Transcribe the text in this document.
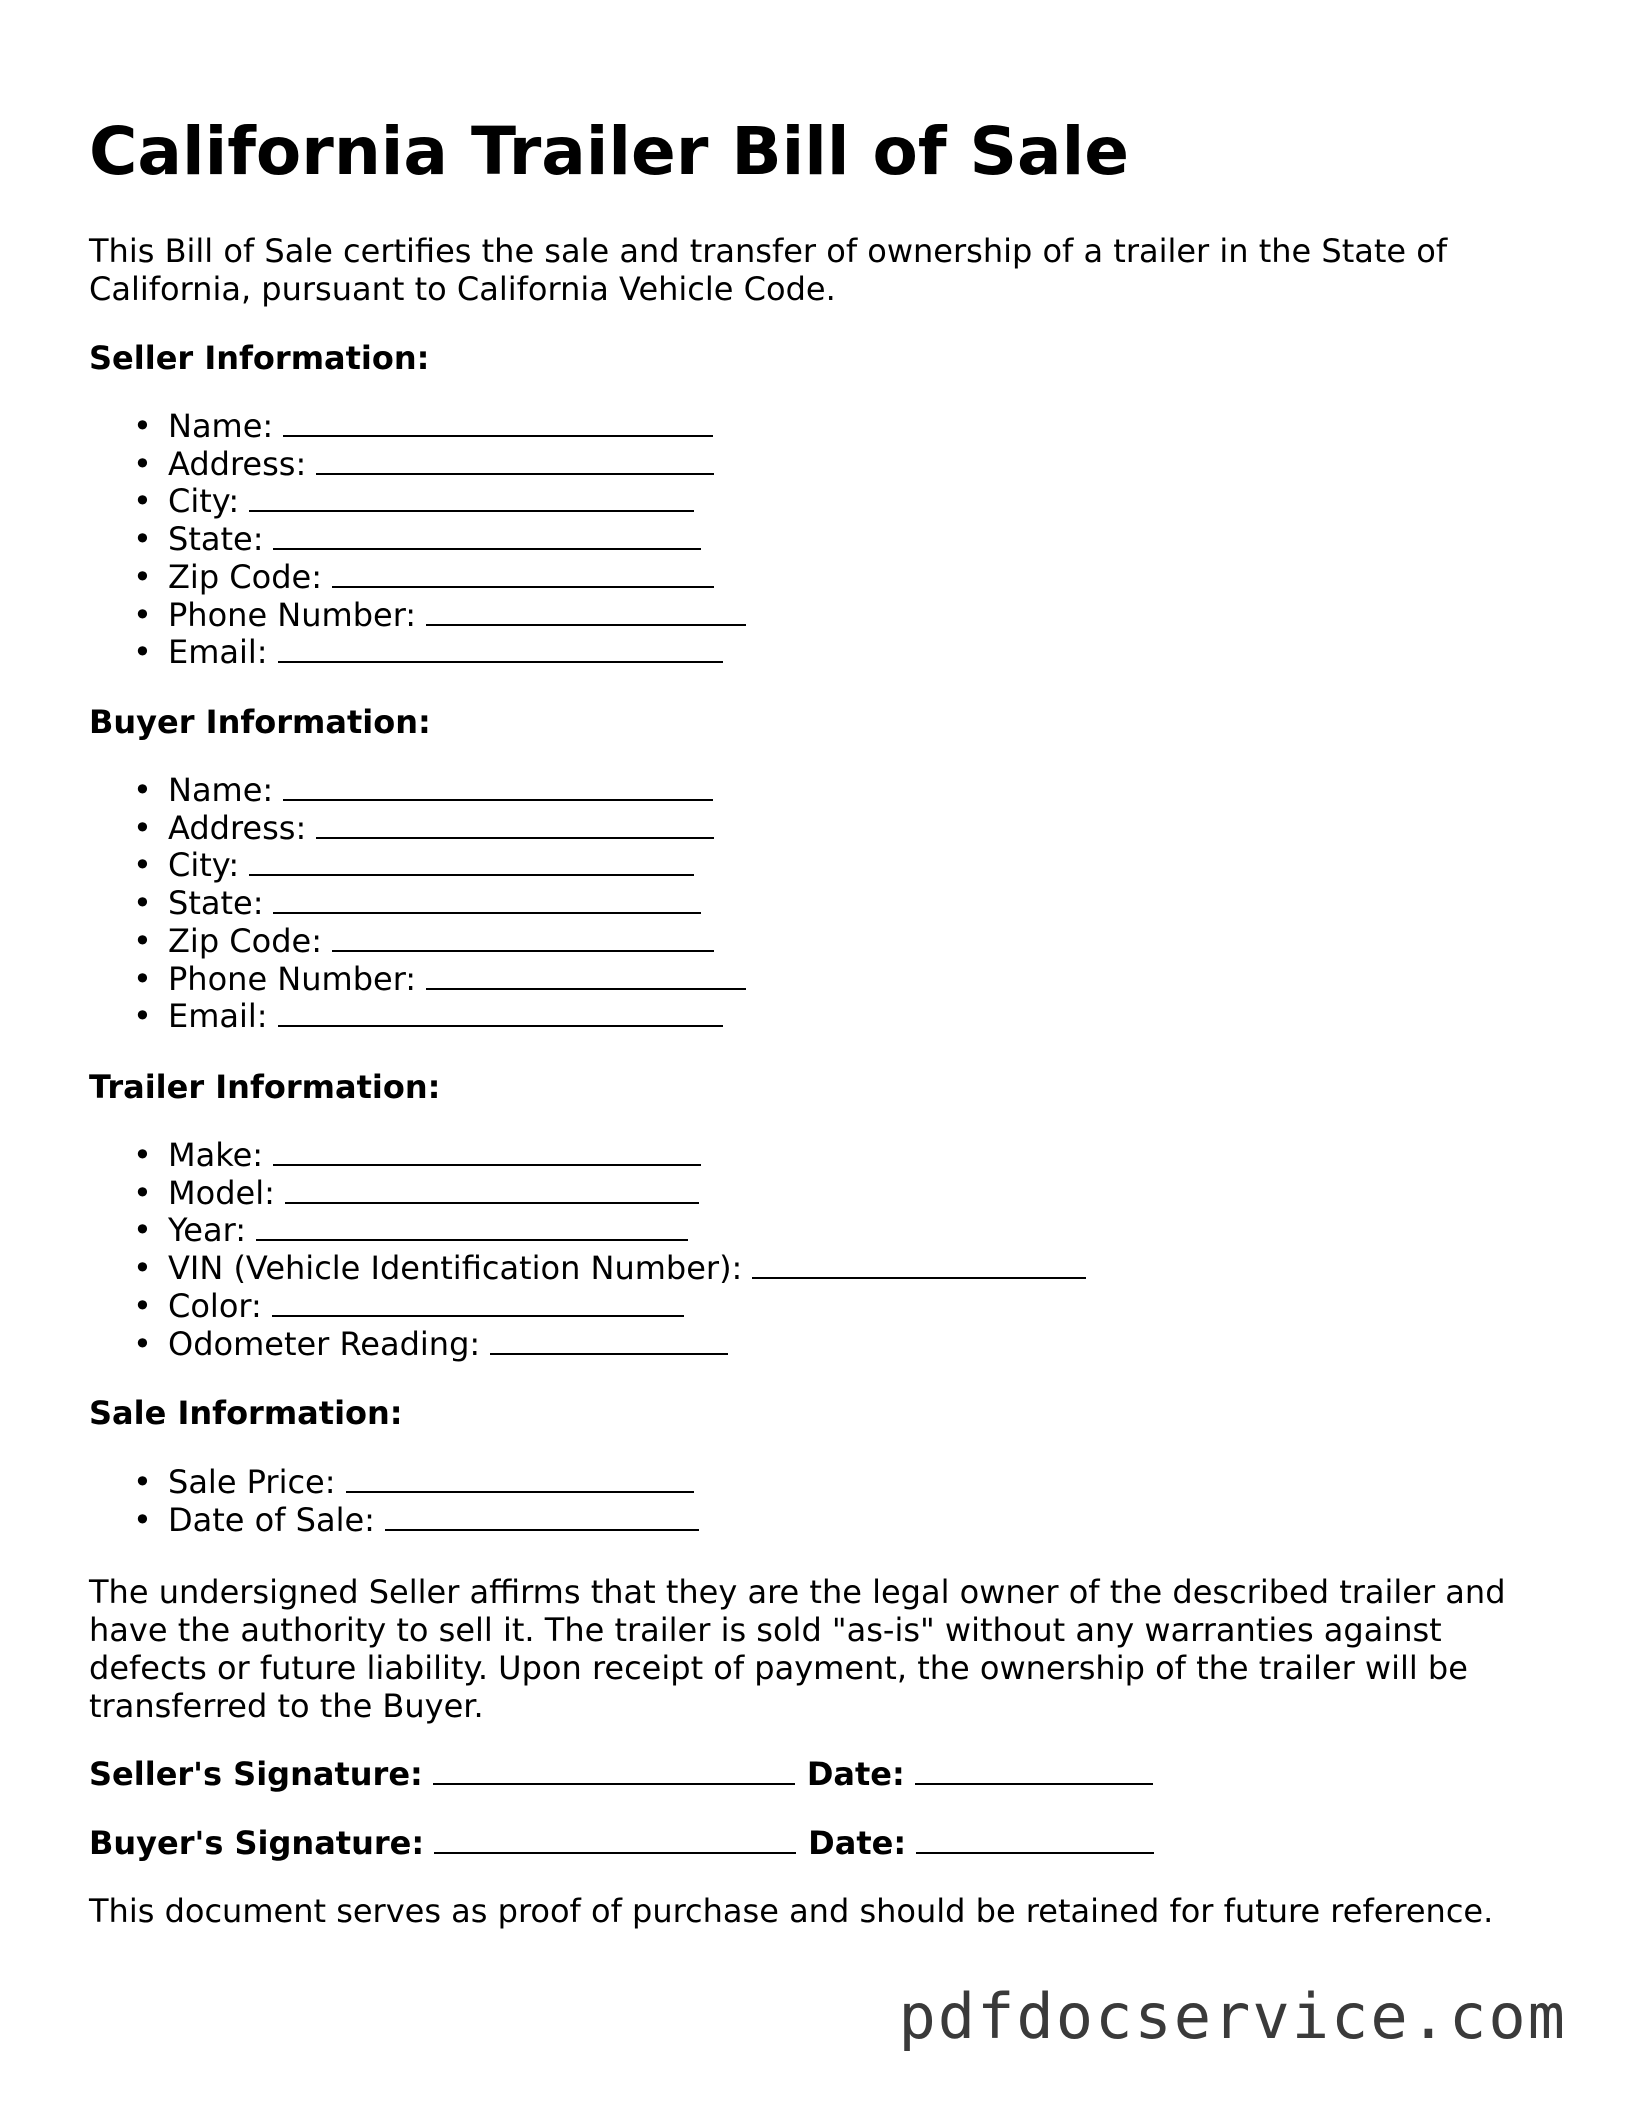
California Trailer Bill of Sale

This Bill of Sale certifies the sale and transfer of ownership of a trailer in the State of California, pursuant to California Vehicle Code.

Seller Information:
• Name:
• Address:
• City:
• State:
• Zip Code:
• Phone Number:
• Email:
Buyer Information:
• Name:
• Address:
• City:
• State:
• Zip Code:
• Phone Number:
• Email:
Trailer Information:
• Make:
• Model:
• Year:
• VIN (Vehicle Identification Number):
• Color:
• Odometer Reading:
Sale Information:
• Sale Price:
• Date of Sale:

The undersigned Seller affirms that they are the legal owner of the described trailer and have the authority to sell it. The trailer is sold "as-is" without any warranties against defects or future liability. Upon receipt of payment, the ownership of the trailer will be transferred to the Buyer.

Seller's Signature:	Date:
Buyer's Signature:	Date:

This document serves as proof of purchase and should be retained for future reference.

pdfdocservice.com
